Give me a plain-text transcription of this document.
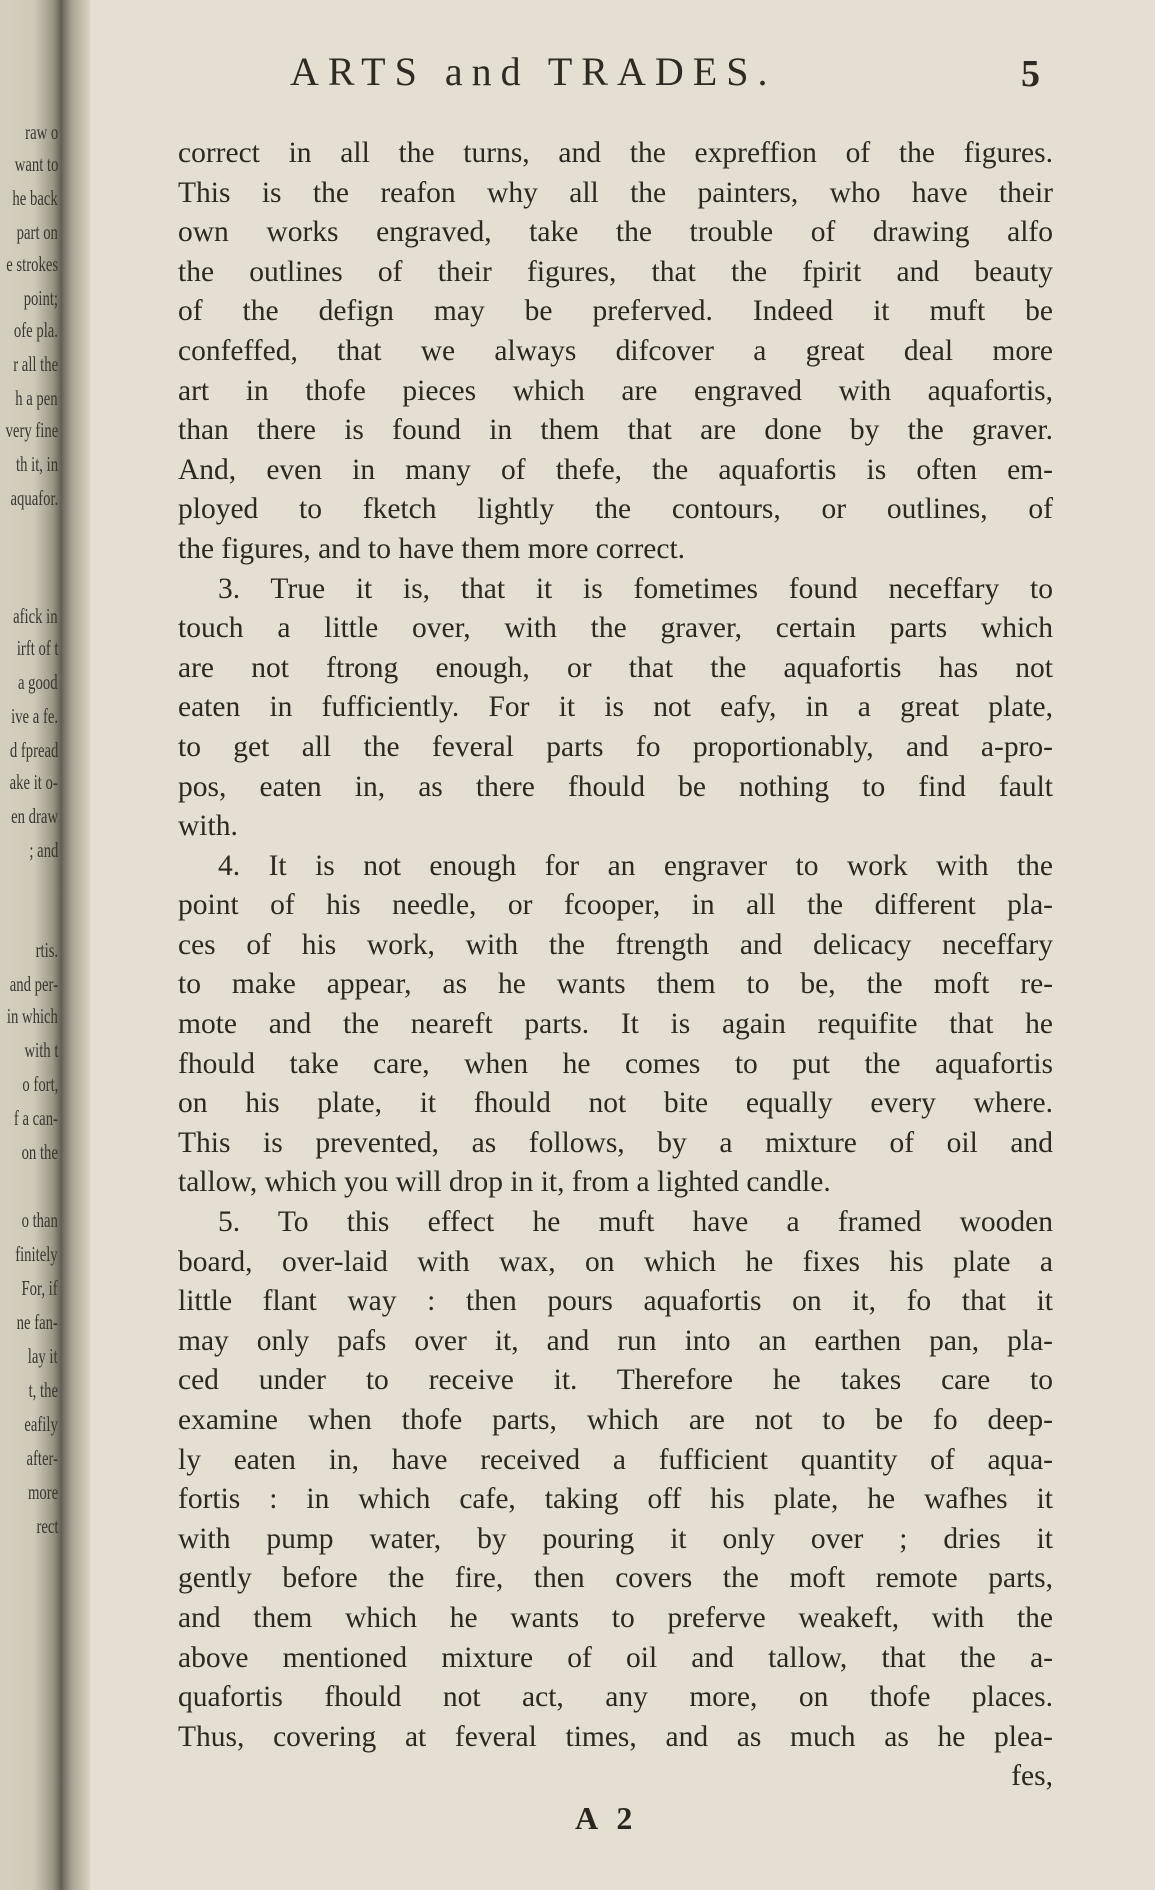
raw o
want to
he back
part on
e strokes
point;
ofe pla.
r all the
h a pen
very fine
th it, in
aquafor.
afick in
irft of t
a good
ive a fe.
d fpread
ake it o-
en draw
; and
rtis.
and per-
in which
with t
o fort,
f a can-
on the
o than
finitely
For, if
ne fan-
lay it
t, the
eafily
after-
more
rect
ARTS and TRADES.	5
correct in all the turns, and the expreffion of the figures.
This is the reafon why all the painters, who have their
own works engraved, take the trouble of drawing alfo
the outlines of their figures, that the fpirit and beauty
of the defign may be preferved. Indeed it muft be
confeffed, that we always difcover a great deal more
art in thofe pieces which are engraved with aquafortis,
than there is found in them that are done by the graver.
And, even in many of thefe, the aquafortis is often em-
ployed to fketch lightly the contours, or outlines, of
the figures, and to have them more correct.
3. True it is, that it is fometimes found neceffary to
touch a little over, with the graver, certain parts which
are not ftrong enough, or that the aquafortis has not
eaten in fufficiently. For it is not eafy, in a great plate,
to get all the feveral parts fo proportionably, and a-pro-
pos, eaten in, as there fhould be nothing to find fault
with.
4. It is not enough for an engraver to work with the
point of his needle, or fcooper, in all the different pla-
ces of his work, with the ftrength and delicacy neceffary
to make appear, as he wants them to be, the moft re-
mote and the neareft parts. It is again requifite that he
fhould take care, when he comes to put the aquafortis
on his plate, it fhould not bite equally every where.
This is prevented, as follows, by a mixture of oil and
tallow, which you will drop in it, from a lighted candle.
5. To this effect he muft have a framed wooden
board, over-laid with wax, on which he fixes his plate a
little flant way : then pours aquafortis on it, fo that it
may only pafs over it, and run into an earthen pan, pla-
ced under to receive it. Therefore he takes care to
examine when thofe parts, which are not to be fo deep-
ly eaten in, have received a fufficient quantity of aqua-
fortis : in which cafe, taking off his plate, he wafhes it
with pump water, by pouring it only over ; dries it
gently before the fire, then covers the moft remote parts,
and them which he wants to preferve weakeft, with the
above mentioned mixture of oil and tallow, that the a-
quafortis fhould not act, any more, on thofe places.
Thus, covering at feveral times, and as much as he plea-
fes,
A 2
